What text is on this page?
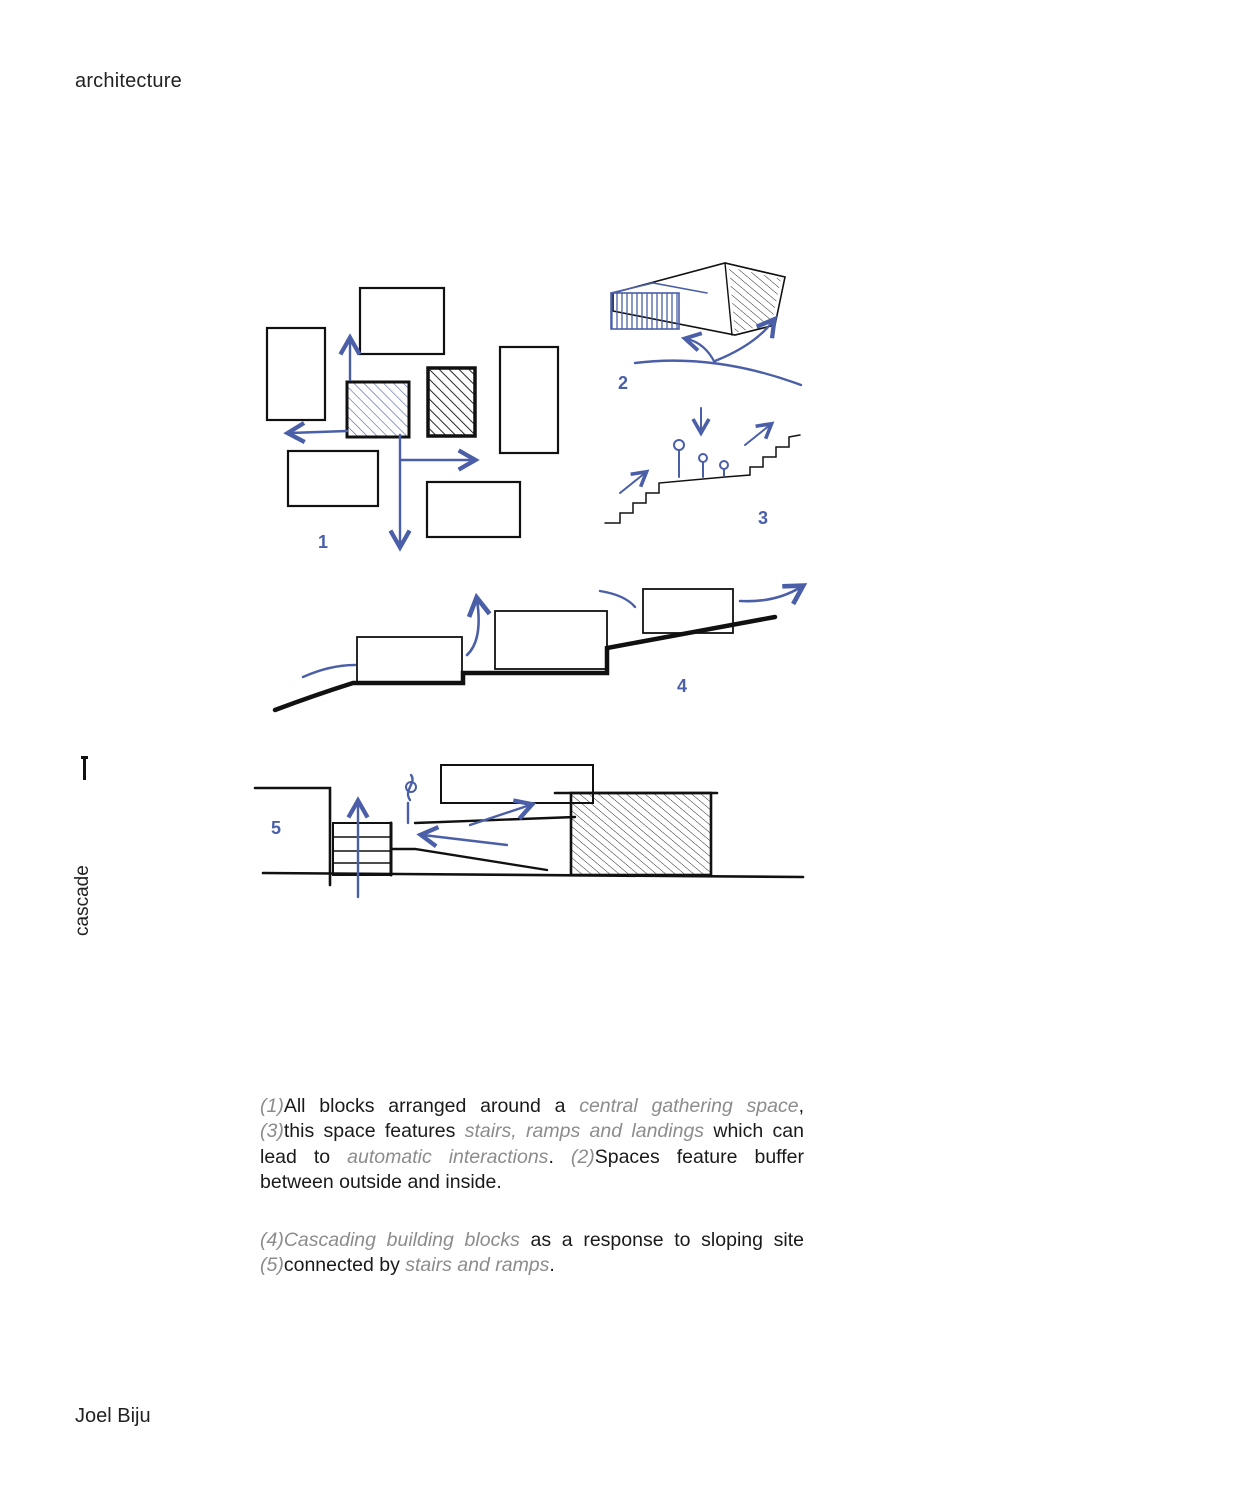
architecture
cascade
1
2
3
4
5

(1)All blocks arranged around a central gathering space, (3)this space features stairs, ramps and landings which can lead to automatic interactions. (2)Spaces feature buffer between outside and inside.

(4)Cascading building blocks as a response to sloping site (5)connected by stairs and ramps.

Joel Biju
